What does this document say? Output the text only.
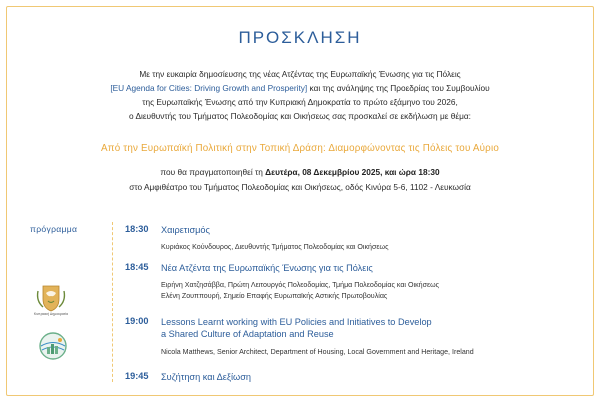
ΠΡΟΣΚΛΗΣΗ
Με την ευκαιρία δημοσίευσης της νέας Ατζέντας της Ευρωπαϊκής Ένωσης για τις Πόλεις
[EU Agenda for Cities: Driving Growth and Prosperity] και της ανάληψης της Προεδρίας του Συμβουλίου
της Ευρωπαϊκής Ένωσης από την Κυπριακή Δημοκρατία το πρώτο εξάμηνο του 2026,
ο Διευθυντής του Τμήματος Πολεοδομίας και Οικήσεως σας προσκαλεί σε εκδήλωση με θέμα:
Από την Ευρωπαϊκή Πολιτική στην Τοπική Δράση: Διαμορφώνοντας τις Πόλεις του Αύριο
που θα πραγματοποιηθεί τη Δευτέρα, 08 Δεκεμβρίου 2025, και ώρα 18:30
στο Αμφιθέατρο του Τμήματος Πολεοδομίας και Οικήσεως, οδός Κινύρα 5-6, 1102 - Λευκωσία
πρόγραμμα	18:30 Χαιρετισμός
Κυριάκος Κούνδουρος, Διευθυντής Τμήματος Πολεοδομίας και Οικήσεως
18:45 Νέα Ατζέντα της Ευρωπαϊκής Ένωσης για τις Πόλεις
Ειρήνη Χατζησάββα, Πρώτη Λειτουργός Πολεοδομίας, Τμήμα Πολεοδομίας και Οικήσεως
Ελένη Ζουππουρή, Σημείο Επαφής Ευρωπαϊκής Αστικής Πρωτοβουλίας
19:00 Lessons Learnt working with EU Policies and Initiatives to Develop
a Shared Culture of Adaptation and Reuse
Nicola Matthews, Senior Architect, Department of Housing, Local Government and Heritage, Ireland
19:45 Συζήτηση και Δεξίωση
Κυπριακή Δημοκρατία
